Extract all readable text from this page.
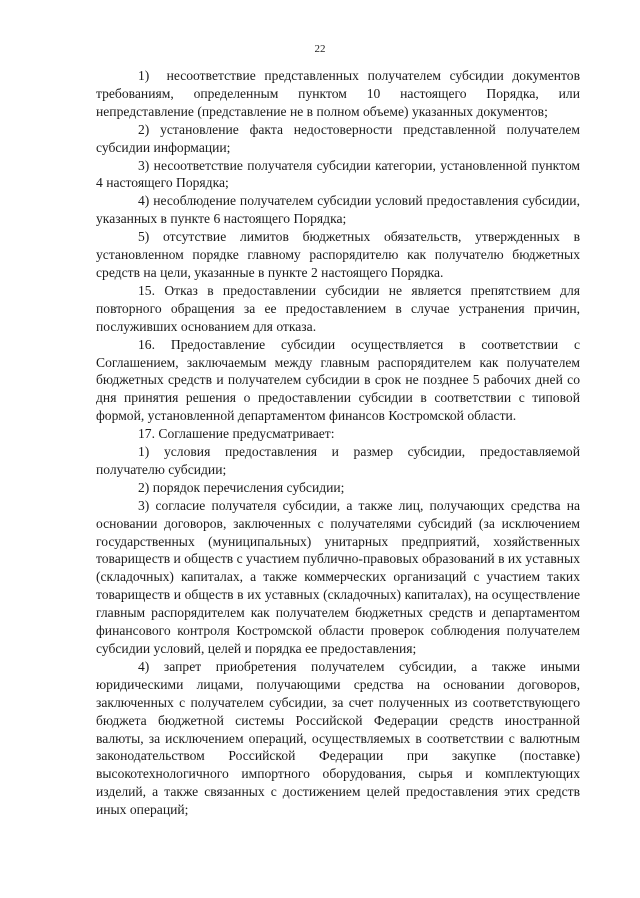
22

1)  несоответствие представленных получателем субсидии документов требованиям, определенным пунктом 10 настоящего Порядка, или непредставление (представление не в полном объеме) указанных документов;

2) установление факта недостоверности представленной получателем субсидии информации;

3) несоответствие получателя субсидии категории, установленной пунктом 4 настоящего Порядка;

4) несоблюдение получателем субсидии условий предоставления субсидии, указанных в пункте 6 настоящего Порядка;

5) отсутствие лимитов бюджетных обязательств, утвержденных в установленном порядке главному распорядителю как получателю бюджетных средств на цели, указанные в пункте 2 настоящего Порядка.

15. Отказ в предоставлении субсидии не является препятствием для повторного обращения за ее предоставлением в случае устранения причин, послуживших основанием для отказа.

16. Предоставление субсидии осуществляется в соответствии с Соглашением, заключаемым между главным распорядителем как получателем бюджетных средств и получателем субсидии в срок не позднее 5 рабочих дней со дня принятия решения о предоставлении субсидии в соответствии с типовой формой, установленной департаментом финансов Костромской области.

17. Соглашение предусматривает:

1) условия предоставления и размер субсидии, предоставляемой получателю субсидии;

2) порядок перечисления субсидии;

3) согласие получателя субсидии, а также лиц, получающих средства на основании договоров, заключенных с получателями субсидий (за исключением государственных (муниципальных) унитарных предприятий, хозяйственных товариществ и обществ с участием публично-правовых образований в их уставных (складочных) капиталах, а также коммерческих организаций с участием таких товариществ и обществ в их уставных (складочных) капиталах), на осуществление главным распорядителем как получателем бюджетных средств и департаментом финансового контроля Костромской области проверок соблюдения получателем субсидии условий, целей и порядка ее предоставления;

4) запрет приобретения получателем субсидии, а также иными юридическими лицами, получающими средства на основании договоров, заключенных с получателем субсидии, за счет полученных из соответствующего бюджета бюджетной системы Российской Федерации средств иностранной валюты, за исключением операций, осуществляемых в соответствии с валютным законодательством Российской Федерации при закупке (поставке) высокотехнологичного импортного оборудования, сырья и комплектующих изделий, а также связанных с достижением целей предоставления этих средств иных операций;
